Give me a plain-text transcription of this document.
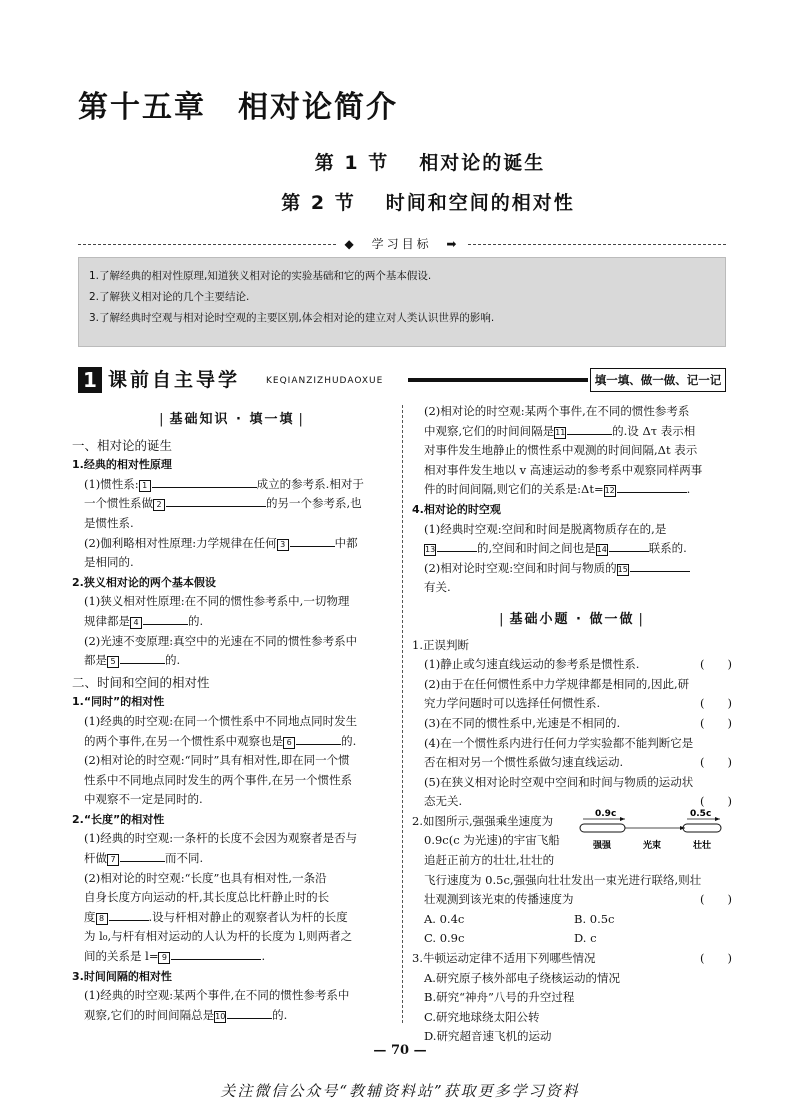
第十五章　相对论简介
第 1 节 相对论的诞生
第 2 节 时间和空间的相对性
◆ 学习目标 ➡
1.了解经典的相对性原理,知道狭义相对论的实验基础和它的两个基本假设.
2.了解狭义相对论的几个主要结论.
3.了解经典时空观与相对论时空观的主要区别,体会相对论的建立对人类认识世界的影响.
1 课前自主导学	KEQIANZIZHUDAOXUE	填一填、做一做、记一记
| 基础知识 · 填一填 |
一、相对论的诞生
1.经典的相对性原理
(1)惯性系: 1	成立的参考系.相对于
一个惯性系做 2	的另一个参考系,也
是惯性系.
(2)伽利略相对性原理:力学规律在任何 3	中都
是相同的.
2.狭义相对论的两个基本假设
(1)狭义相对性原理:在不同的惯性参考系中,一切物理
规律都是 4	的.
(2)光速不变原理:真空中的光速在不同的惯性参考系中
都是 5	的.
二、时间和空间的相对性
1.“同时”的相对性
(1)经典的时空观:在同一个惯性系中不同地点同时发生
的两个事件,在另一个惯性系中观察也是 6	的.
(2)相对论的时空观:“同时”具有相对性,即在同一个惯
性系中不同地点同时发生的两个事件,在另一个惯性系
中观察不一定是同时的.
2.“长度”的相对性
(1)经典的时空观:一条杆的长度不会因为观察者是否与
杆做 7	而不同.
(2)相对论的时空观:“长度”也具有相对性,一条沿
自身长度方向运动的杆,其长度总比杆静止时的长
度 8	.设与杆相对静止的观察者认为杆的长度
为 l₀,与杆有相对运动的人认为杆的长度为 l,则两者之
间的关系是 l= 9	.
3.时间间隔的相对性
(1)经典的时空观:某两个事件,在不同的惯性参考系中
观察,它们的时间间隔总是10	的.
(2)相对论的时空观:某两个事件,在不同的惯性参考系
中观察,它们的时间间隔是11	的.设 Δτ 表示相
对事件发生地静止的惯性系中观测的时间间隔,Δt 表示
相对事件发生地以 v 高速运动的参考系中观察同样两事
件的时间间隔,则它们的关系是:Δt=12	.
4.相对论的时空观
(1)经典时空观:空间和时间是脱离物质存在的,是
13	的,空间和时间之间也是14	联系的.
(2)相对论时空观:空间和时间与物质的15
有关.
| 基础小题 · 做一做 |
1.正误判断
(1)静止或匀速直线运动的参考系是惯性系.	(　　)
(2)由于在任何惯性系中力学规律都是相同的,因此,研
究力学问题时可以选择任何惯性系.	(　　)
(3)在不同的惯性系中,光速是不相同的.	(　　)
(4)在一个惯性系内进行任何力学实验都不能判断它是
否在相对另一个惯性系做匀速直线运动.	(　　)
(5)在狭义相对论时空观中空间和时间与物质的运动状
态无关.	(　　)
2.如图所示,强强乘坐速度为
0.9c(c 为光速)的宇宙飞船
追赶正前方的壮壮,壮壮的
飞行速度为 0.5c,强强向壮壮发出一束光进行联络,则壮
壮观测到该光束的传播速度为	(　　)
A. 0.4c	B. 0.5c
C. 0.9c	D. c
3.牛顿运动定律不适用下列哪些情况	(　　)
A.研究原子核外部电子绕核运动的情况
B.研究“神舟”八号的升空过程
C.研究地球绕太阳公转
D.研究超音速飞机的运动
0.9c	0.5c
强强	光束	壮壮
— 70 —
关注微信公众号“教辅资料站”获取更多学习资料
